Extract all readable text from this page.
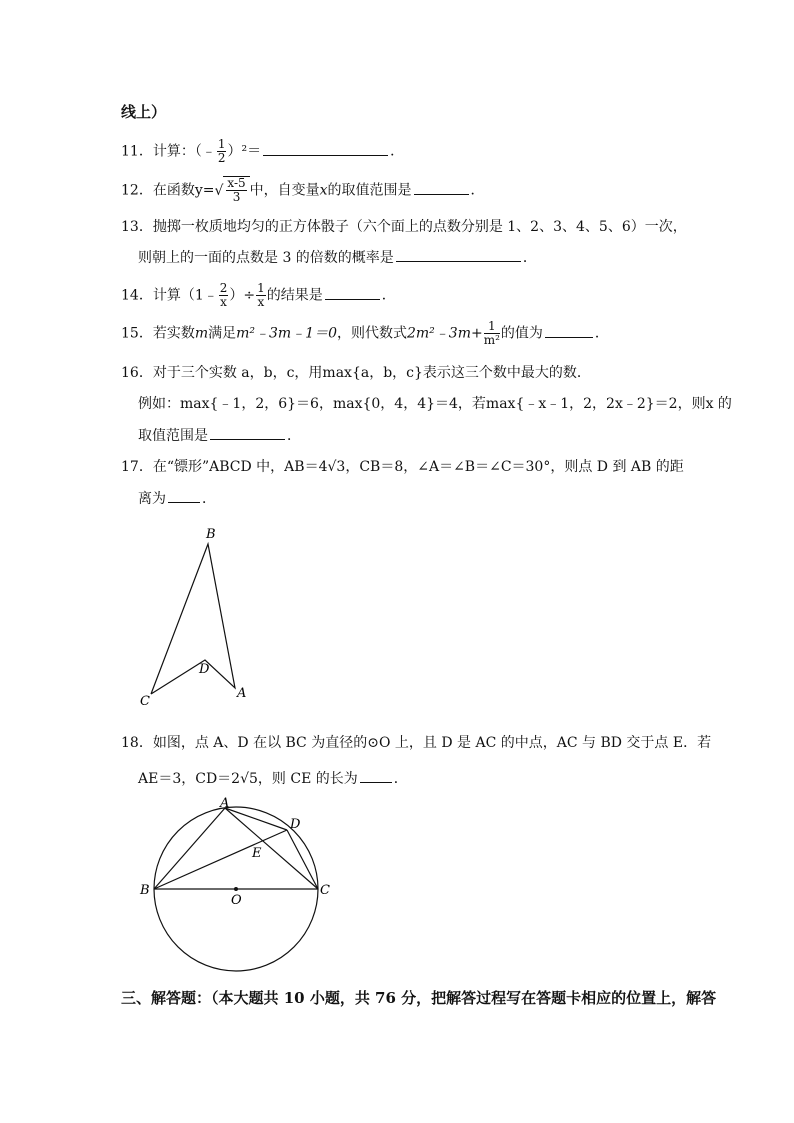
线上）
11．计算：（﹣ $\frac{1}{2} )^2=$	．
12．在函数$y=√ \frac{x-5}{3}$ 中，自变量x的取值范围是	．
13．抛掷一枚质地均匀的正方体骰子（六个面上的点数分别是 1、2、3、4、5、6）一次，
则朝上的一面的点数是 3 的倍数的概率是	．
14．计算（1﹣ $\frac{2}{x}$ ）÷ $\frac{1}{x}$ 的结果是	．
15．若实数m满足m²﹣3m﹣1＝0，则代数式2m²﹣3m+ $\frac{1}{\text{m²}}$ 的值为	．
16．对于三个实数 a，b，c，用max{a，b，c}表示这三个数中最大的数．
例如：max{﹣1，2，6}＝6，max{0，4，4}＝4，若max{﹣x﹣1，2，2x﹣2}＝2，则x 的
取值范围是	．
17．在“镖形”ABCD 中，AB＝4√3，CB＝8，∠A＝∠B＝∠C＝30°，则点 D 到 AB 的距
离为	．
B
C
D
A
18．如图，点 A、D 在以 BC 为直径的⊙O 上，且 D 是 AC 的中点，AC 与 BD 交于点 E．若
AE＝3，CD＝2√5，则 CE 的长为	．
A
D
E
B
O
C
三、解答题：（本大题共 10 小题，共 76 分，把解答过程写在答题卡相应的位置上，解答
